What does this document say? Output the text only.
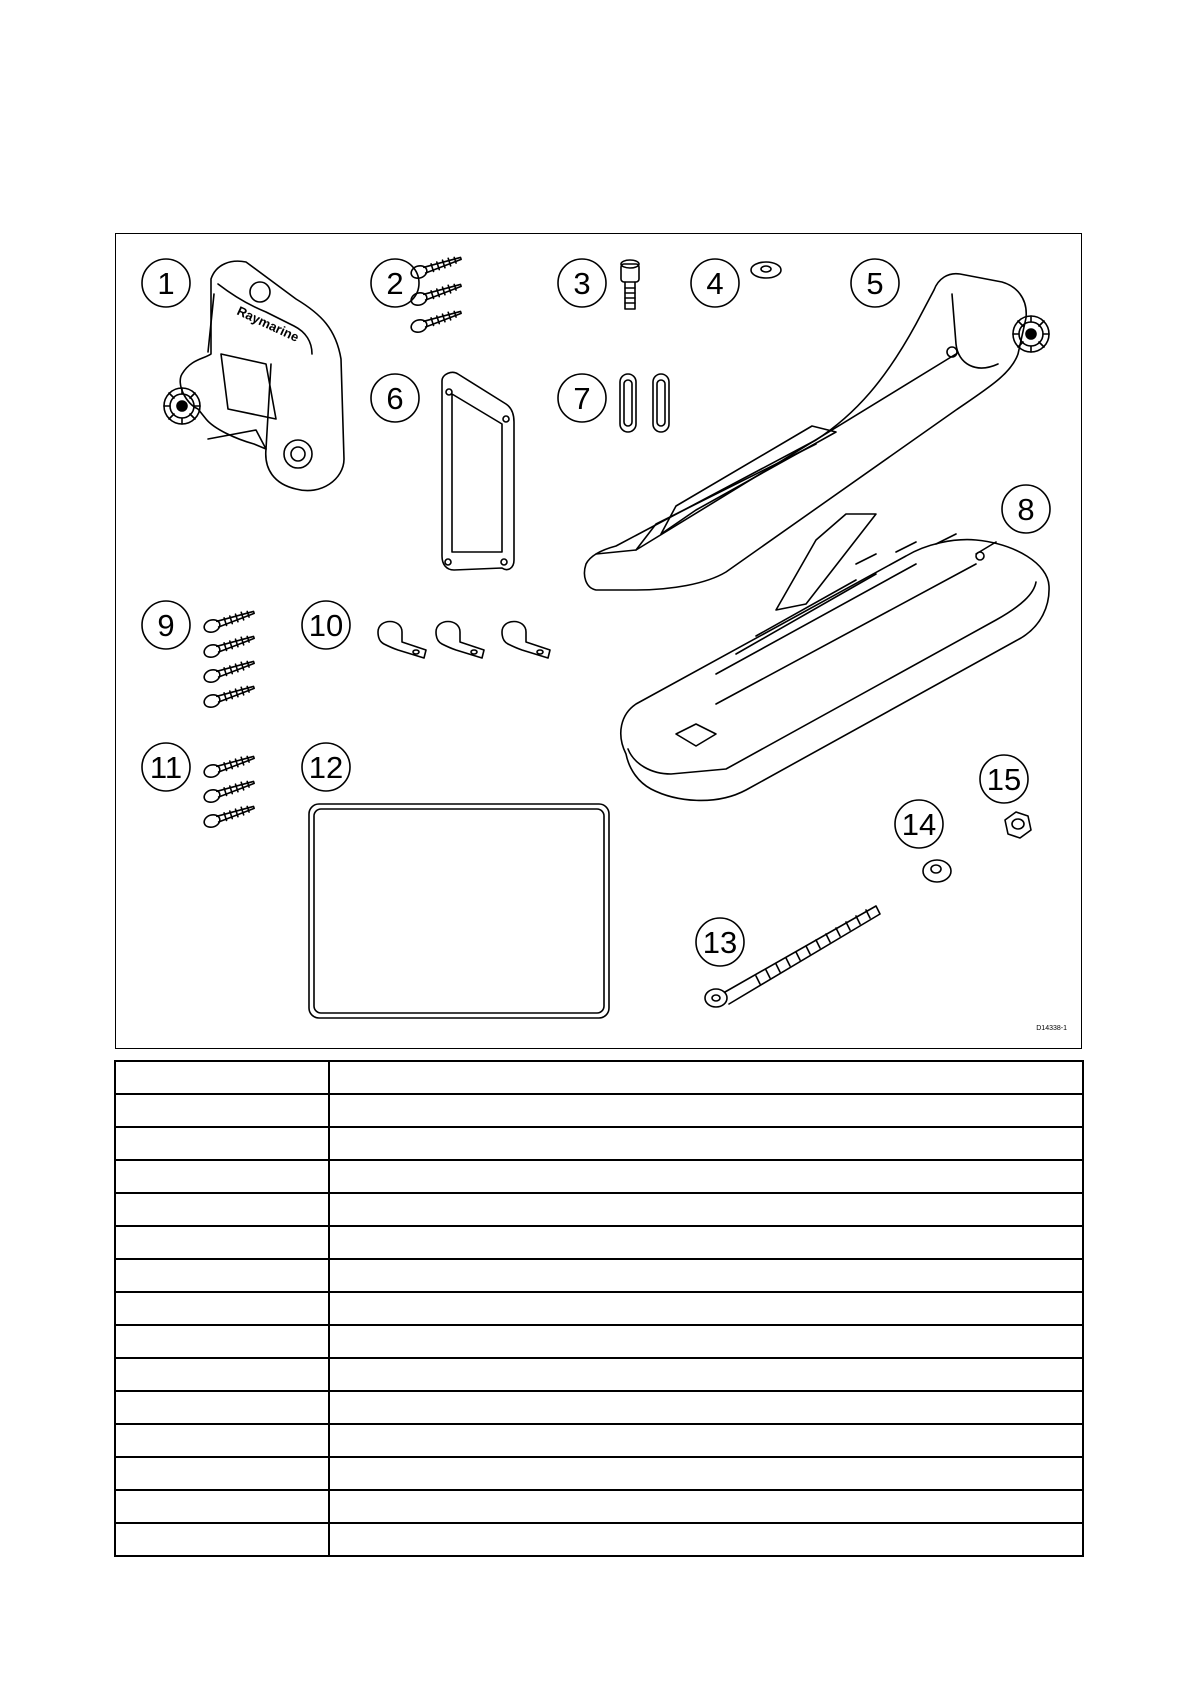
1	2	3	4	5
6	7
8
9	10
11	12
13
14
15
Raymarine
D14338-1
